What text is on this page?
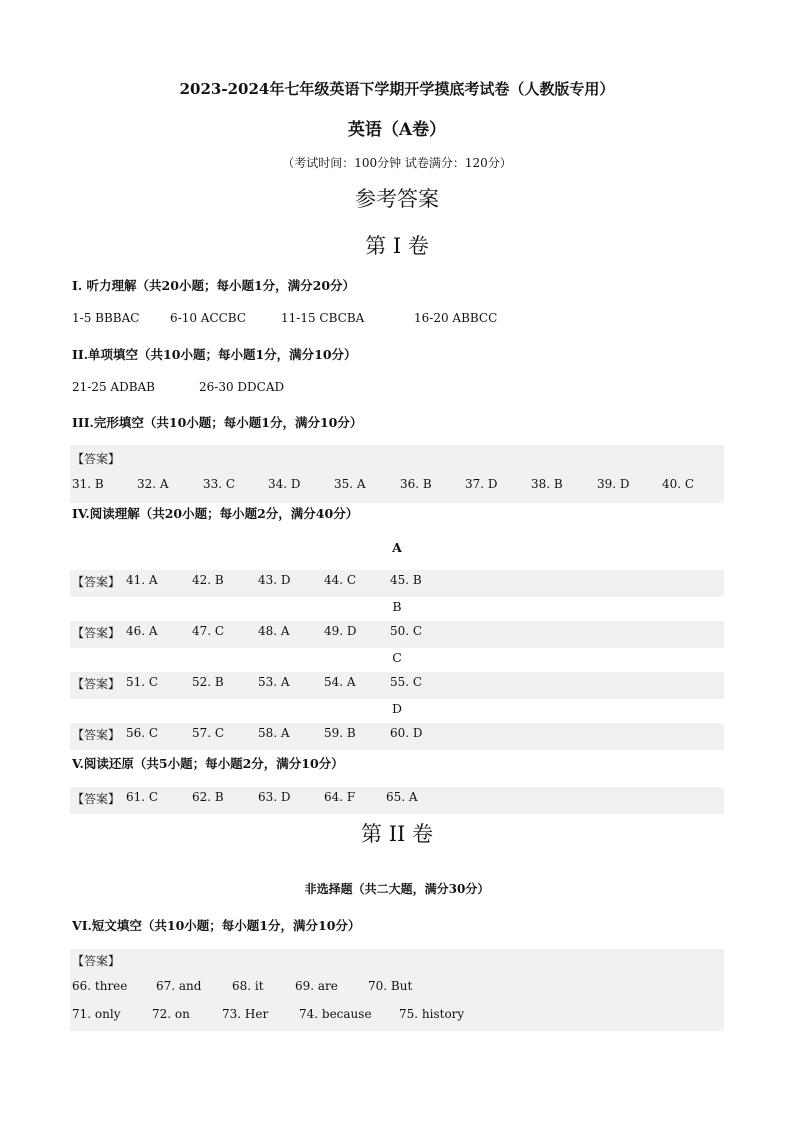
2023-2024年七年级英语下学期开学摸底考试卷（人教版专用）
英语（A卷）
（考试时间：100分钟 试卷满分：120分）
参考答案
第 I 卷
I. 听力理解（共20小题；每小题1分，满分20分）
1-5 BBBAC	6-10 ACCBC	11-15 CBCBA	16-20 ABBCC
II.单项填空（共10小题；每小题1分，满分10分）
21-25 ADBAB	26-30 DDCAD
III.完形填空（共10小题；每小题1分，满分10分）
【答案】
31. B	32. A	33. C	34. D	35. A	36. B	37. D	38. B	39. D	40. C
IV.阅读理解（共20小题；每小题2分，满分40分）
A
【答案】 41. A	42. B	43. D	44. C	45. B
B
【答案】 46. A	47. C	48. A	49. D	50. C
C
【答案】 51. C	52. B	53. A	54. A	55. C
D
【答案】 56. C	57. C	58. A	59. B	60. D
V.阅读还原（共5小题；每小题2分，满分10分）
【答案】 61. C	62. B	63. D	64. F	65. A
第 II 卷
非选择题（共二大题，满分30分）
VI.短文填空（共10小题；每小题1分，满分10分）
【答案】
66. three 67. and	68. it	69. are	70. But
71. only	72. on	73. Her	74. because 75. history
